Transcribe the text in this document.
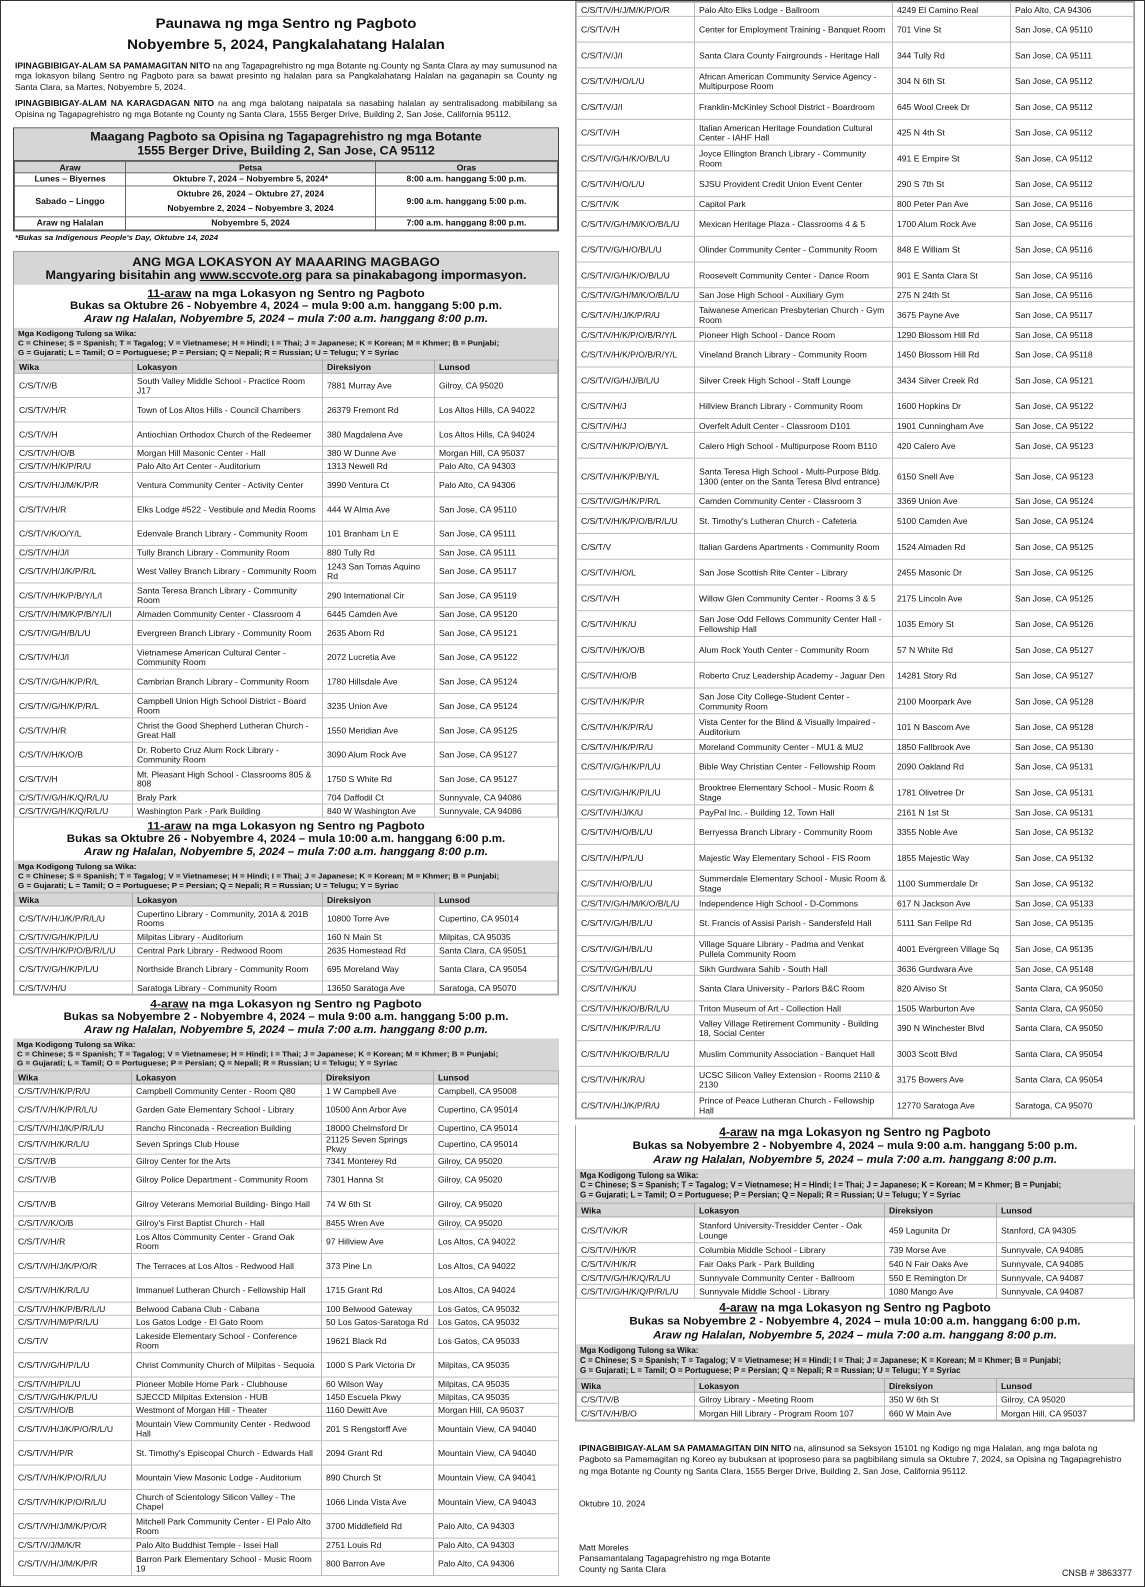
Paunawa ng mga Sentro ng Pagboto
Nobyembre 5, 2024, Pangkalahatang Halalan

IPINAGBIBIGAY-ALAM SA PAMAMAGITAN NITO na ang Tagapagrehistro ng mga Botante ng County ng Santa Clara ay may sumusunod na mga lokasyon bilang Sentro ng Pagboto para sa bawat presinto ng halalan para sa Pangkalahatang Halalan na gaganapin sa County ng Santa Clara, sa Martes, Nobyembre 5, 2024.

IPINAGBIBIGAY-ALAM NA KARAGDAGAN NITO na ang mga balotang naipatala sa nasabing halalan ay sentralisadong mabibilang sa Opisina ng Tagapagrehistro ng mga Botante ng County ng Santa Clara, 1555 Berger Drive, Building 2, San Jose, California 95112.

Maagang Pagboto sa Opisina ng Tagapagrehistro ng mga Botante
1555 Berger Drive, Building 2, San Jose, CA 95112
Araw	Petsa	Oras
Lunes – Biyernes	Oktubre 7, 2024 – Nobyembre 5, 2024*	8:00 a.m. hanggang 5:00 p.m.
Sabado – Linggo	Oktubre 26, 2024 – Oktubre 27, 2024
Nobyembre 2, 2024 – Nobyembre 3, 2024	9:00 a.m. hanggang 5:00 p.m.
Araw ng Halalan	Nobyembre 5, 2024	7:00 a.m. hanggang 8:00 p.m.
*Bukas sa Indigenous People's Day, Oktubre 14, 2024
ANG MGA LOKASYON AY MAAARING MAGBAGO
Mangyaring bisitahin ang www.sccvote.org para sa pinakabagong impormasyon.
11-araw na mga Lokasyon ng Sentro ng Pagboto
Bukas sa Oktubre 26 - Nobyembre 4, 2024 – mula 9:00 a.m. hanggang 5:00 p.m.
Araw ng Halalan, Nobyembre 5, 2024 – mula 7:00 a.m. hanggang 8:00 p.m.
Mga Kodigong Tulong sa Wika:
C = Chinese; S = Spanish; T = Tagalog; V = Vietnamese; H = Hindi; I = Thai; J = Japanese; K = Korean; M = Khmer; B = Punjabi;
G = Gujarati; L = Tamil; O = Portuguese; P = Persian; Q = Nepali; R = Russian; U = Telugu; Y = Syriac
Wika	Lokasyon	Direksiyon	Lunsod
C/S/T/V/B	South Valley Middle School - Practice Room J17	7881 Murray Ave	Gilroy, CA 95020
C/S/T/V/H/R	Town of Los Altos Hills - Council Chambers	26379 Fremont Rd	Los Altos Hills, CA 94022
C/S/T/V/H	Antiochian Orthodox Church of the Redeemer	380 Magdalena Ave	Los Altos Hills, CA 94024
C/S/T/V/H/O/B	Morgan Hill Masonic Center - Hall	380 W Dunne Ave	Morgan Hill, CA 95037
C/S/T/V/H/K/P/R/U	Palo Alto Art Center - Auditorium	1313 Newell Rd	Palo Alto, CA 94303
C/S/T/V/H/J/M/K/P/R	Ventura Community Center - Activity Center	3990 Ventura Ct	Palo Alto, CA 94306
C/S/T/V/H/R	Elks Lodge #522 - Vestibule and Media Rooms	444 W Alma Ave	San Jose, CA 95110
C/S/T/V/K/O/Y/L	Edenvale Branch Library - Community Room	101 Branham Ln E	San Jose, CA 95111
C/S/T/V/H/J/I	Tully Branch Library - Community Room	880 Tully Rd	San Jose, CA 95111
C/S/T/V/H/J/K/P/R/L	West Valley Branch Library - Community Room	1243 San Tomas Aquino Rd	San Jose, CA 95117
C/S/T/V/H/K/P/B/Y/L/I	Santa Teresa Branch Library - Community Room	290 International Cir	San Jose, CA 95119
C/S/T/V/H/M/K/P/B/Y/L/I	Almaden Community Center - Classroom 4	6445 Camden Ave	San Jose, CA 95120
C/S/T/V/G/H/B/L/U	Evergreen Branch Library - Community Room	2635 Aborn Rd	San Jose, CA 95121
C/S/T/V/H/J/I	Vietnamese American Cultural Center - Community Room	2072 Lucretia Ave	San Jose, CA 95122
C/S/T/V/G/H/K/P/R/L	Cambrian Branch Library - Community Room	1780 Hillsdale Ave	San Jose, CA 95124
C/S/T/V/G/H/K/P/R/L	Campbell Union High School District - Board Room	3235 Union Ave	San Jose, CA 95124
C/S/T/V/H/R	Christ the Good Shepherd Lutheran Church - Great Hall	1550 Meridian Ave	San Jose, CA 95125
C/S/T/V/H/K/O/B	Dr. Roberto Cruz Alum Rock Library - Community Room	3090 Alum Rock Ave	San Jose, CA 95127
C/S/T/V/H	Mt. Pleasant High School - Classrooms 805 & 808	1750 S White Rd	San Jose, CA 95127
C/S/T/V/G/H/K/Q/R/L/U	Braly Park	704 Daffodil Ct	Sunnyvale, CA 94086
C/S/T/V/G/H/K/Q/R/L/U	Washington Park - Park Building	840 W Washington Ave	Sunnyvale, CA 94086
11-araw na mga Lokasyon ng Sentro ng Pagboto
Bukas sa Oktubre 26 - Nobyembre 4, 2024 – mula 10:00 a.m. hanggang 6:00 p.m.
Araw ng Halalan, Nobyembre 5, 2024 – mula 7:00 a.m. hanggang 8:00 p.m.
Mga Kodigong Tulong sa Wika:
C = Chinese; S = Spanish; T = Tagalog; V = Vietnamese; H = Hindi; I = Thai; J = Japanese; K = Korean; M = Khmer; B = Punjabi;
G = Gujarati; L = Tamil; O = Portuguese; P = Persian; Q = Nepali; R = Russian; U = Telugu; Y = Syriac
Wika	Lokasyon	Direksiyon	Lunsod
C/S/T/V/H/J/K/P/R/L/U	Cupertino Library - Community, 201A & 201B Rooms	10800 Torre Ave	Cupertino, CA 95014
C/S/T/V/G/H/K/P/L/U	Milpitas Library - Auditorium	160 N Main St	Milpitas, CA 95035
C/S/T/V/H/K/P/O/B/R/L/U	Central Park Library - Redwood Room	2635 Homestead Rd	Santa Clara, CA 95051
C/S/T/V/G/H/K/P/L/U	Northside Branch Library - Community Room	695 Moreland Way	Santa Clara, CA 95054
C/S/T/V/H/U	Saratoga Library - Community Room	13650 Saratoga Ave	Saratoga, CA 95070
4-araw na mga Lokasyon ng Sentro ng Pagboto
Bukas sa Nobyembre 2 - Nobyembre 4, 2024 – mula 9:00 a.m. hanggang 5:00 p.m.
Araw ng Halalan, Nobyembre 5, 2024 – mula 7:00 a.m. hanggang 8:00 p.m.
Mga Kodigong Tulong sa Wika:
C = Chinese; S = Spanish; T = Tagalog; V = Vietnamese; H = Hindi; I = Thai; J = Japanese; K = Korean; M = Khmer; B = Punjabi;
G = Gujarati; L = Tamil; O = Portuguese; P = Persian; Q = Nepali; R = Russian; U = Telugu; Y = Syriac
Wika	Lokasyon	Direksiyon	Lunsod
C/S/T/V/H/K/P/R/U	Campbell Community Center - Room Q80	1 W Campbell Ave	Campbell, CA 95008
C/S/T/V/H/K/P/R/L/U	Garden Gate Elementary School - Library	10500 Ann Arbor Ave	Cupertino, CA 95014
C/S/T/V/H/J/K/P/R/L/U	Rancho Rinconada - Recreation Building	18000 Chelmsford Dr	Cupertino, CA 95014
C/S/T/V/H/K/R/L/U	Seven Springs Club House	21125 Seven Springs Pkwy	Cupertino, CA 95014
C/S/T/V/B	Gilroy Center for the Arts	7341 Monterey Rd	Gilroy, CA 95020
C/S/T/V/B	Gilroy Police Department - Community Room	7301 Hanna St	Gilroy, CA 95020
C/S/T/V/B	Gilroy Veterans Memorial Building- Bingo Hall	74 W 6th St	Gilroy, CA 95020
C/S/T/V/K/O/B	Gilroy's First Baptist Church - Hall	8455 Wren Ave	Gilroy, CA 95020
C/S/T/V/H/R	Los Altos Community Center - Grand Oak Room	97 Hillview Ave	Los Altos, CA 94022
C/S/T/V/H/J/K/P/O/R	The Terraces at Los Altos - Redwood Hall	373 Pine Ln	Los Altos, CA 94022
C/S/T/V/H/K/R/L/U	Immanuel Lutheran Church - Fellowship Hall	1715 Grant Rd	Los Altos, CA 94024
C/S/T/V/H/K/P/B/R/L/U	Belwood Cabana Club - Cabana	100 Belwood Gateway	Los Gatos, CA 95032
C/S/T/V/H/M/P/R/L/U	Los Gatos Lodge - El Gato Room	50 Los Gatos-Saratoga Rd	Los Gatos, CA 95032
C/S/T/V	Lakeside Elementary School - Conference Room	19621 Black Rd	Los Gatos, CA 95033
C/S/T/V/G/H/P/L/U	Christ Community Church of Milpitas - Sequoia	1000 S Park Victoria Dr	Milpitas, CA 95035
C/S/T/V/H/P/L/U	Pioneer Mobile Home Park - Clubhouse	60 Wilson Way	Milpitas, CA 95035
C/S/T/V/G/H/K/P/L/U	SJECCD Milpitas Extension - HUB	1450 Escuela Pkwy	Milpitas, CA 95035
C/S/T/V/H/O/B	Westmont of Morgan Hill - Theater	1160 Dewitt Ave	Morgan Hill, CA 95037
C/S/T/V/H/J/K/P/O/R/L/U	Mountain View Community Center - Redwood Hall	201 S Rengstorff Ave	Mountain View, CA 94040
C/S/T/V/H/P/R	St. Timothy's Episcopal Church - Edwards Hall	2094 Grant Rd	Mountain View, CA 94040
C/S/T/V/H/K/P/O/R/L/U	Mountain View Masonic Lodge - Auditorium	890 Church St	Mountain View, CA 94041
C/S/T/V/H/K/P/O/R/L/U	Church of Scientology Silicon Valley - The Chapel	1066 Linda Vista Ave	Mountain View, CA 94043
C/S/T/V/H/J/M/K/P/O/R	Mitchell Park Community Center - El Palo Alto Room	3700 Middlefield Rd	Palo Alto, CA 94303
C/S/T/V/J/M/K/R	Palo Alto Buddhist Temple - Issei Hall	2751 Louis Rd	Palo Alto, CA 94303
C/S/T/V/H/J/M/K/P/R	Barron Park Elementary School - Music Room 19	800 Barron Ave	Palo Alto, CA 94306
C/S/T/V/H/J/M/K/P/O/R	Palo Alto Elks Lodge - Ballroom	4249 El Camino Real	Palo Alto, CA 94306
C/S/T/V/H	Center for Employment Training - Banquet Room	701 Vine St	San Jose, CA 95110
C/S/T/V/J/I	Santa Clara County Fairgrounds - Heritage Hall	344 Tully Rd	San Jose, CA 95111
C/S/T/V/H/O/L/U	African American Community Service Agency - Multipurpose Room	304 N 6th St	San Jose, CA 95112
C/S/T/V/J/I	Franklin-McKinley School District - Boardroom	645 Wool Creek Dr	San Jose, CA 95112
C/S/T/V/H	Italian American Heritage Foundation Cultural Center - IAHF Hall	425 N 4th St	San Jose, CA 95112
C/S/T/V/G/H/K/O/B/L/U	Joyce Ellington Branch Library - Community Room	491 E Empire St	San Jose, CA 95112
C/S/T/V/H/O/L/U	SJSU Provident Credit Union Event Center	290 S 7th St	San Jose, CA 95112
C/S/T/V/K	Capitol Park	800 Peter Pan Ave	San Jose, CA 95116
C/S/T/V/G/H/M/K/O/B/L/U	Mexican Heritage Plaza - Classrooms 4 & 5	1700 Alum Rock Ave	San Jose, CA 95116
C/S/T/V/G/H/O/B/L/U	Olinder Community Center - Community Room	848 E William St	San Jose, CA 95116
C/S/T/V/G/H/K/O/B/L/U	Roosevelt Community Center - Dance Room	901 E Santa Clara St	San Jose, CA 95116
C/S/T/V/G/H/M/K/O/B/L/U	San Jose High School - Auxiliary Gym	275 N 24th St	San Jose, CA 95116
C/S/T/V/H/J/K/P/R/U	Taiwanese American Presbyterian Church - Gym Room	3675 Payne Ave	San Jose, CA 95117
C/S/T/V/H/K/P/O/B/R/Y/L	Pioneer High School - Dance Room	1290 Blossom Hill Rd	San Jose, CA 95118
C/S/T/V/H/K/P/O/B/R/Y/L	Vineland Branch Library - Community Room	1450 Blossom Hill Rd	San Jose, CA 95118
C/S/T/V/G/H/J/B/L/U	Silver Creek High School - Staff Lounge	3434 Silver Creek Rd	San Jose, CA 95121
C/S/T/V/H/J	Hillview Branch Library - Community Room	1600 Hopkins Dr	San Jose, CA 95122
C/S/T/V/H/J	Overfelt Adult Center - Classroom D101	1901 Cunningham Ave	San Jose, CA 95122
C/S/T/V/H/K/P/O/B/Y/L	Calero High School - Multipurpose Room B110	420 Calero Ave	San Jose, CA 95123
C/S/T/V/H/K/P/B/Y/L	Santa Teresa High School - Multi-Purpose Bldg. 1300 (enter on the Santa Teresa Blvd entrance)	6150 Snell Ave	San Jose, CA 95123
C/S/T/V/G/H/K/P/R/L	Camden Community Center - Classroom 3	3369 Union Ave	San Jose, CA 95124
C/S/T/V/H/K/P/O/B/R/L/U	St. Timothy's Lutheran Church - Cafeteria	5100 Camden Ave	San Jose, CA 95124
C/S/T/V	Italian Gardens Apartments - Community Room	1524 Almaden Rd	San Jose, CA 95125
C/S/T/V/H/O/L	San Jose Scottish Rite Center - Library	2455 Masonic Dr	San Jose, CA 95125
C/S/T/V/H	Willow Glen Community Center - Rooms 3 & 5	2175 Lincoln Ave	San Jose, CA 95125
C/S/T/V/H/K/U	San Jose Odd Fellows Community Center Hall - Fellowship Hall	1035 Emory St	San Jose, CA 95126
C/S/T/V/H/K/O/B	Alum Rock Youth Center - Community Room	57 N White Rd	San Jose, CA 95127
C/S/T/V/H/O/B	Roberto Cruz Leadership Academy - Jaguar Den	14281 Story Rd	San Jose, CA 95127
C/S/T/V/H/K/P/R	San Jose City College-Student Center - Community Room	2100 Moorpark Ave	San Jose, CA 95128
C/S/T/V/H/K/P/R/U	Vista Center for the Blind & Visually Impaired - Auditorium	101 N Bascom Ave	San Jose, CA 95128
C/S/T/V/H/K/P/R/U	Moreland Community Center - MU1 & MU2	1850 Fallbrook Ave	San Jose, CA 95130
C/S/T/V/G/H/K/P/L/U	Bible Way Christian Center - Fellowship Room	2090 Oakland Rd	San Jose, CA 95131
C/S/T/V/G/H/K/P/L/U	Brooktree Elementary School - Music Room & Stage	1781 Olivetree Dr	San Jose, CA 95131
C/S/T/V/H/J/K/U	PayPal Inc. - Building 12, Town Hall	2161 N 1st St	San Jose, CA 95131
C/S/T/V/H/O/B/L/U	Berryessa Branch Library - Community Room	3355 Noble Ave	San Jose, CA 95132
C/S/T/V/H/P/L/U	Majestic Way Elementary School - FIS Room	1855 Majestic Way	San Jose, CA 95132
C/S/T/V/H/O/B/L/U	Summerdale Elementary School - Music Room & Stage	1100 Summerdale Dr	San Jose, CA 95132
C/S/T/V/G/H/M/K/O/B/L/U	Independence High School - D-Commons	617 N Jackson Ave	San Jose, CA 95133
C/S/T/V/G/H/B/L/U	St. Francis of Assisi Parish - Sandersfeld Hall	5111 San Felipe Rd	San Jose, CA 95135
C/S/T/V/G/H/B/L/U	Village Square Library - Padma and Venkat Pullela Community Room	4001 Evergreen Village Sq	San Jose, CA 95135
C/S/T/V/G/H/B/L/U	Sikh Gurdwara Sahib - South Hall	3636 Gurdwara Ave	San Jose, CA 95148
C/S/T/V/H/K/U	Santa Clara University - Parlors B&C Room	820 Alviso St	Santa Clara, CA 95050
C/S/T/V/H/K/O/B/R/L/U	Triton Museum of Art - Collection Hall	1505 Warburton Ave	Santa Clara, CA 95050
C/S/T/V/H/K/P/R/L/U	Valley Village Retirement Community - Building 18, Social Center	390 N Winchester Blvd	Santa Clara, CA 95050
C/S/T/V/H/K/O/B/R/L/U	Muslim Community Association - Banquet Hall	3003 Scott Blvd	Santa Clara, CA 95054
C/S/T/V/H/K/R/U	UCSC Silicon Valley Extension - Rooms 2110 & 2130	3175 Bowers Ave	Santa Clara, CA 95054
C/S/T/V/H/J/K/P/R/U	Prince of Peace Lutheran Church - Fellowship Hall	12770 Saratoga Ave	Saratoga, CA 95070
4-araw na mga Lokasyon ng Sentro ng Pagboto
Bukas sa Nobyembre 2 - Nobyembre 4, 2024 – mula 9:00 a.m. hanggang 5:00 p.m.
Araw ng Halalan, Nobyembre 5, 2024 – mula 7:00 a.m. hanggang 8:00 p.m.
Mga Kodigong Tulong sa Wika:
C = Chinese; S = Spanish; T = Tagalog; V = Vietnamese; H = Hindi; I = Thai; J = Japanese; K = Korean; M = Khmer; B = Punjabi;
G = Gujarati; L = Tamil; O = Portuguese; P = Persian; Q = Nepali; R = Russian; U = Telugu; Y = Syriac
Wika	Lokasyon	Direksiyon	Lunsod
C/S/T/V/K/R	Stanford University-Tresidder Center - Oak Lounge	459 Lagunita Dr	Stanford, CA 94305
C/S/T/V/H/K/R	Columbia Middle School - Library	739 Morse Ave	Sunnyvale, CA 94085
C/S/T/V/H/K/R	Fair Oaks Park - Park Building	540 N Fair Oaks Ave	Sunnyvale, CA 94085
C/S/T/V/G/H/K/Q/R/L/U	Sunnyvale Community Center - Ballroom	550 E Remington Dr	Sunnyvale, CA 94087
C/S/T/V/G/H/K/Q/P/R/L/U	Sunnyvale Middle School - Library	1080 Mango Ave	Sunnyvale, CA 94087
4-araw na mga Lokasyon ng Sentro ng Pagboto
Bukas sa Nobyembre 2 - Nobyembre 4, 2024 – mula 10:00 a.m. hanggang 6:00 p.m.
Araw ng Halalan, Nobyembre 5, 2024 – mula 7:00 a.m. hanggang 8:00 p.m.
Mga Kodigong Tulong sa Wika:
C = Chinese; S = Spanish; T = Tagalog; V = Vietnamese; H = Hindi; I = Thai; J = Japanese; K = Korean; M = Khmer; B = Punjabi;
G = Gujarati; L = Tamil; O = Portuguese; P = Persian; Q = Nepali; R = Russian; U = Telugu; Y = Syriac
Wika	Lokasyon	Direksiyon	Lunsod
C/S/T/V/B	Gilroy Library - Meeting Room	350 W 6th St	Gilroy, CA 95020
C/S/T/V/H/B/O	Morgan Hill Library - Program Room 107	660 W Main Ave	Morgan Hill, CA 95037

IPINAGBIBIGAY-ALAM SA PAMAMAGITAN DIN NITO na, alinsunod sa Seksyon 15101 ng Kodigo ng mga Halalan, ang mga balota ng Pagboto sa Pamamagitan ng Koreo ay bubuksan at ipoproseso para sa pagbibilang simula sa Oktubre 7, 2024, sa Opisina ng Tagapagrehistro ng mga Botante ng County ng Santa Clara, 1555 Berger Drive, Building 2, San Jose, California 95112.

Oktubre 10, 2024

Matt Moreles
Pansamantalang Tagapagrehistro ng mga Botante
County ng Santa Clara	CNSB # 3863377
